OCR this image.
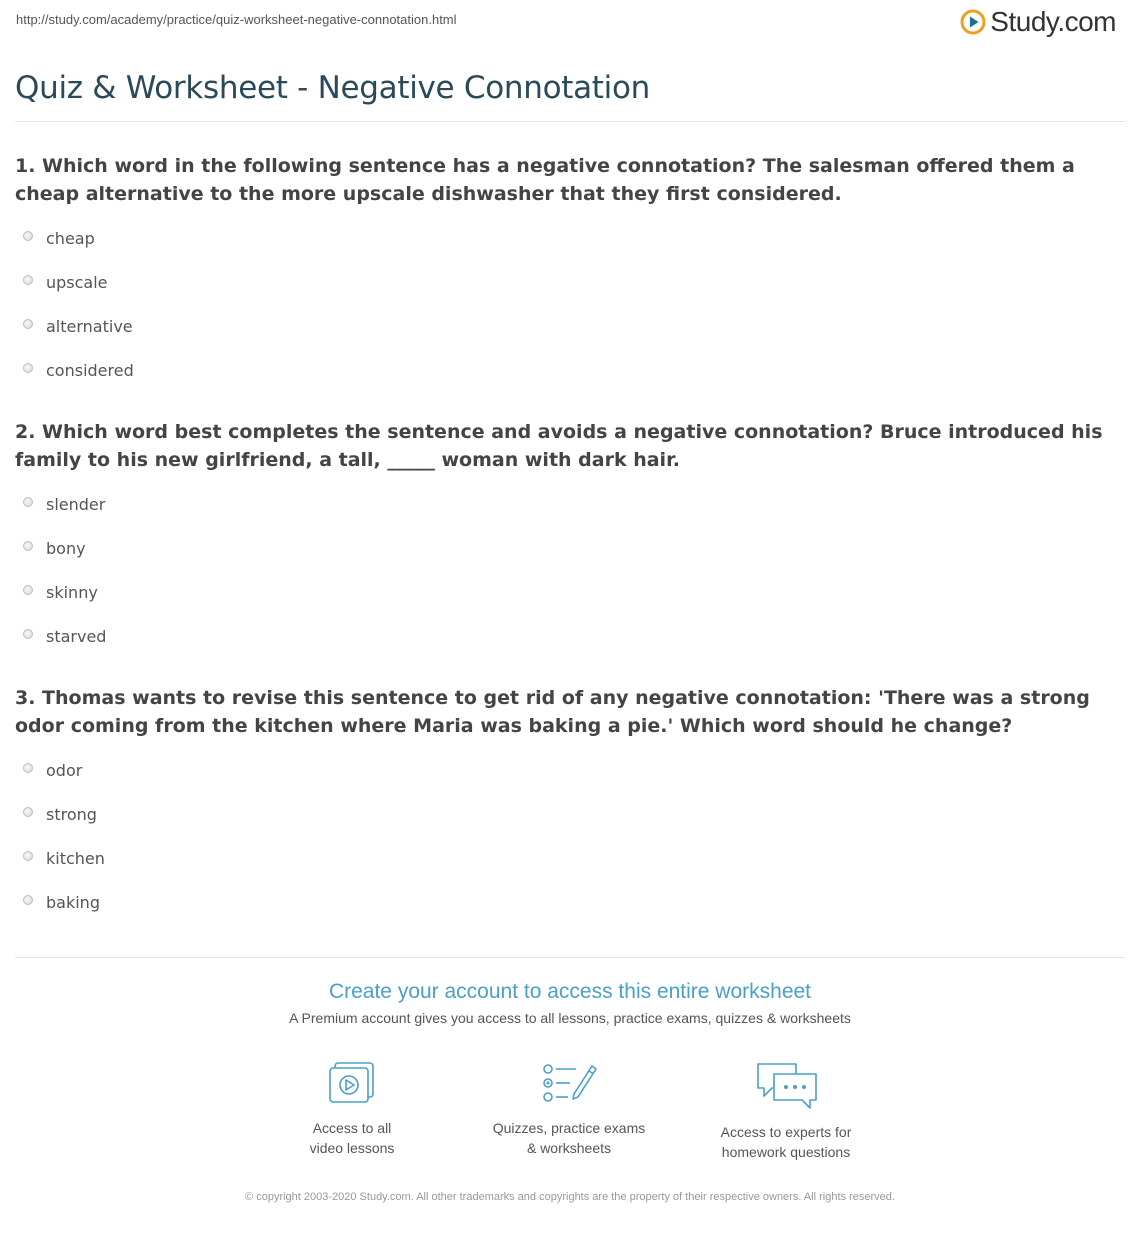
http://study.com/academy/practice/quiz-worksheet-negative-connotation.html	Study.com
Quiz & Worksheet - Negative Connotation

1. Which word in the following sentence has a negative connotation? The salesman offered them a cheap alternative to the more upscale dishwasher that they first considered.

cheap
upscale
alternative
considered

2. Which word best completes the sentence and avoids a negative connotation? Bruce introduced his family to his new girlfriend, a tall, _____ woman with dark hair.

slender
bony
skinny
starved

3. Thomas wants to revise this sentence to get rid of any negative connotation: 'There was a strong odor coming from the kitchen where Maria was baking a pie.' Which word should he change?

odor
strong
kitchen
baking
Create your account to access this entire worksheet
A Premium account gives you access to all lessons, practice exams, quizzes & worksheets
Access to all
video lessons
Quizzes, practice exams
& worksheets
Access to experts for
homework questions
© copyright 2003-2020 Study.com. All other trademarks and copyrights are the property of their respective owners. All rights reserved.
